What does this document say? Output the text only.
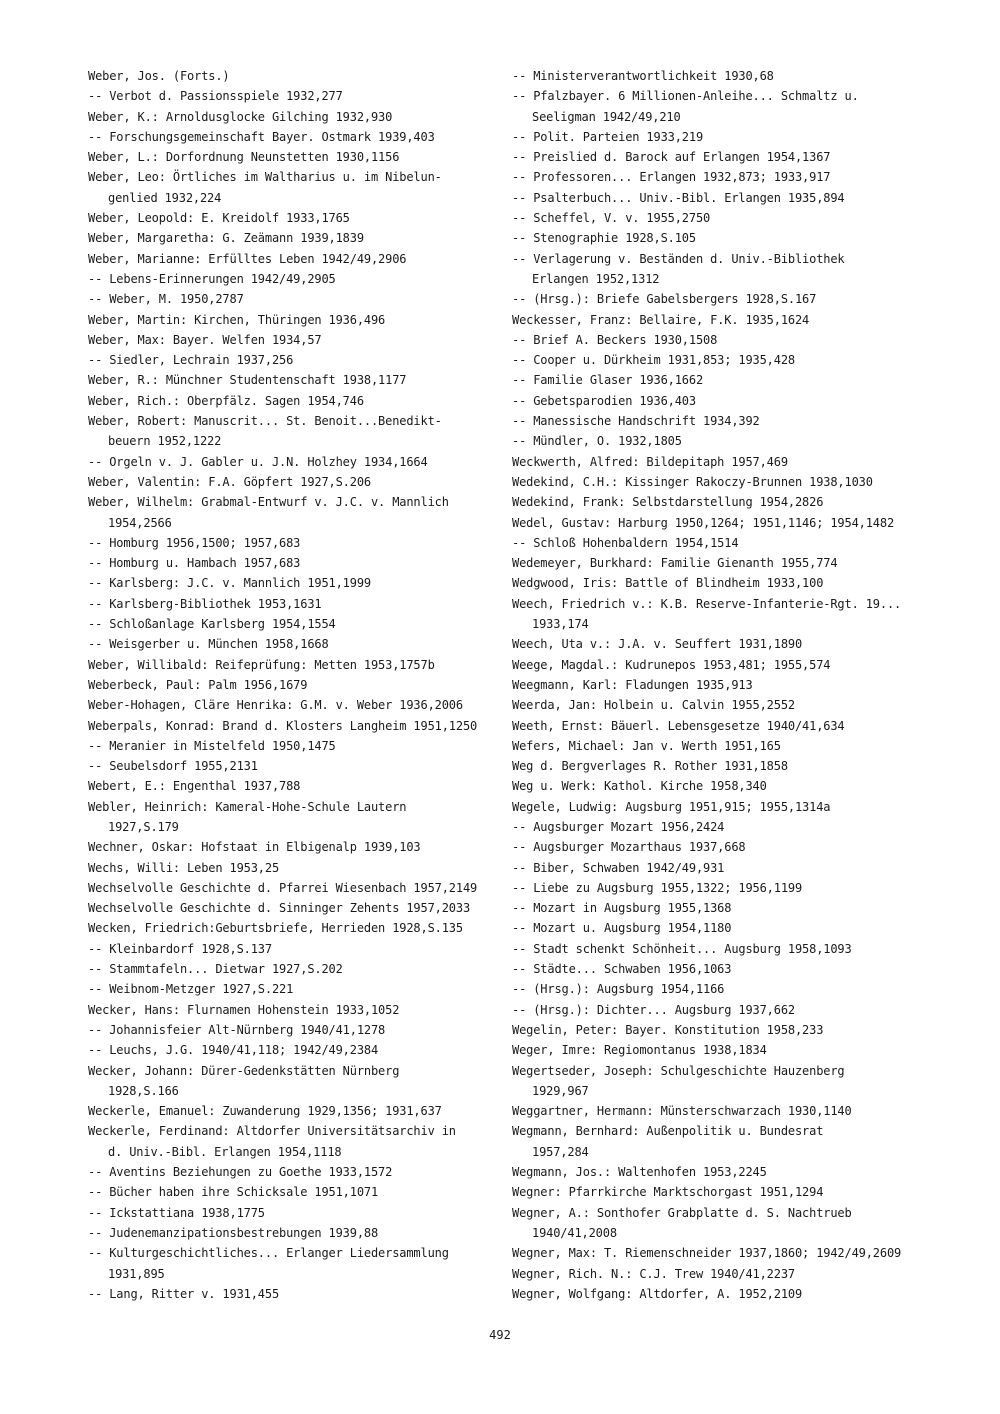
Weber, Jos. (Forts.)
-- Verbot d. Passionsspiele 1932,277
Weber, K.: Arnoldusglocke Gilching 1932,930
-- Forschungsgemeinschaft Bayer. Ostmark 1939,403
Weber, L.: Dorfordnung Neunstetten 1930,1156
Weber, Leo: Örtliches im Waltharius u. im Nibelun-
genlied 1932,224
Weber, Leopold: E. Kreidolf 1933,1765
Weber, Margaretha: G. Zeämann 1939,1839
Weber, Marianne: Erfülltes Leben 1942/49,2906
-- Lebens-Erinnerungen 1942/49,2905
-- Weber, M. 1950,2787
Weber, Martin: Kirchen, Thüringen 1936,496
Weber, Max: Bayer. Welfen 1934,57
-- Siedler, Lechrain 1937,256
Weber, R.: Münchner Studentenschaft 1938,1177
Weber, Rich.: Oberpfälz. Sagen 1954,746
Weber, Robert: Manuscrit... St. Benoit...Benedikt-
beuern 1952,1222
-- Orgeln v. J. Gabler u. J.N. Holzhey 1934,1664
Weber, Valentin: F.A. Göpfert 1927,S.206
Weber, Wilhelm: Grabmal-Entwurf v. J.C. v. Mannlich
1954,2566
-- Homburg 1956,1500; 1957,683
-- Homburg u. Hambach 1957,683
-- Karlsberg: J.C. v. Mannlich 1951,1999
-- Karlsberg-Bibliothek 1953,1631
-- Schloßanlage Karlsberg 1954,1554
-- Weisgerber u. München 1958,1668
Weber, Willibald: Reifeprüfung: Metten 1953,1757b
Weberbeck, Paul: Palm 1956,1679
Weber-Hohagen, Cläre Henrika: G.M. v. Weber 1936,2006
Weberpals, Konrad: Brand d. Klosters Langheim 1951,1250
-- Meranier in Mistelfeld 1950,1475
-- Seubelsdorf 1955,2131
Webert, E.: Engenthal 1937,788
Webler, Heinrich: Kameral-Hohe-Schule Lautern
1927,S.179
Wechner, Oskar: Hofstaat in Elbigenalp 1939,103
Wechs, Willi: Leben 1953,25
Wechselvolle Geschichte d. Pfarrei Wiesenbach 1957,2149
Wechselvolle Geschichte d. Sinninger Zehents 1957,2033
Wecken, Friedrich:Geburtsbriefe, Herrieden 1928,S.135
-- Kleinbardorf 1928,S.137
-- Stammtafeln... Dietwar 1927,S.202
-- Weibnom-Metzger 1927,S.221
Wecker, Hans: Flurnamen Hohenstein 1933,1052
-- Johannisfeier Alt-Nürnberg 1940/41,1278
-- Leuchs, J.G. 1940/41,118; 1942/49,2384
Wecker, Johann: Dürer-Gedenkstätten Nürnberg
1928,S.166
Weckerle, Emanuel: Zuwanderung 1929,1356; 1931,637
Weckerle, Ferdinand: Altdorfer Universitätsarchiv in
d. Univ.-Bibl. Erlangen 1954,1118
-- Aventins Beziehungen zu Goethe 1933,1572
-- Bücher haben ihre Schicksale 1951,1071
-- Ickstattiana 1938,1775
-- Judenemanzipationsbestrebungen 1939,88
-- Kulturgeschichtliches... Erlanger Liedersammlung
1931,895
-- Lang, Ritter v. 1931,455
-- Ministerverantwortlichkeit 1930,68
-- Pfalzbayer. 6 Millionen-Anleihe... Schmaltz u.
Seeligman 1942/49,210
-- Polit. Parteien 1933,219
-- Preislied d. Barock auf Erlangen 1954,1367
-- Professoren... Erlangen 1932,873; 1933,917
-- Psalterbuch... Univ.-Bibl. Erlangen 1935,894
-- Scheffel, V. v. 1955,2750
-- Stenographie 1928,S.105
-- Verlagerung v. Beständen d. Univ.-Bibliothek
Erlangen 1952,1312
-- (Hrsg.): Briefe Gabelsbergers 1928,S.167
Weckesser, Franz: Bellaire, F.K. 1935,1624
-- Brief A. Beckers 1930,1508
-- Cooper u. Dürkheim 1931,853; 1935,428
-- Familie Glaser 1936,1662
-- Gebetsparodien 1936,403
-- Manessische Handschrift 1934,392
-- Mündler, O. 1932,1805
Weckwerth, Alfred: Bildepitaph 1957,469
Wedekind, C.H.: Kissinger Rakoczy-Brunnen 1938,1030
Wedekind, Frank: Selbstdarstellung 1954,2826
Wedel, Gustav: Harburg 1950,1264; 1951,1146; 1954,1482
-- Schloß Hohenbaldern 1954,1514
Wedemeyer, Burkhard: Familie Gienanth 1955,774
Wedgwood, Iris: Battle of Blindheim 1933,100
Weech, Friedrich v.: K.B. Reserve-Infanterie-Rgt. 19...
1933,174
Weech, Uta v.: J.A. v. Seuffert 1931,1890
Weege, Magdal.: Kudrunepos 1953,481; 1955,574
Weegmann, Karl: Fladungen 1935,913
Weerda, Jan: Holbein u. Calvin 1955,2552
Weeth, Ernst: Bäuerl. Lebensgesetze 1940/41,634
Wefers, Michael: Jan v. Werth 1951,165
Weg d. Bergverlages R. Rother 1931,1858
Weg u. Werk: Kathol. Kirche 1958,340
Wegele, Ludwig: Augsburg 1951,915; 1955,1314a
-- Augsburger Mozart 1956,2424
-- Augsburger Mozarthaus 1937,668
-- Biber, Schwaben 1942/49,931
-- Liebe zu Augsburg 1955,1322; 1956,1199
-- Mozart in Augsburg 1955,1368
-- Mozart u. Augsburg 1954,1180
-- Stadt schenkt Schönheit... Augsburg 1958,1093
-- Städte... Schwaben 1956,1063
-- (Hrsg.): Augsburg 1954,1166
-- (Hrsg.): Dichter... Augsburg 1937,662
Wegelin, Peter: Bayer. Konstitution 1958,233
Weger, Imre: Regiomontanus 1938,1834
Wegertseder, Joseph: Schulgeschichte Hauzenberg
1929,967
Weggartner, Hermann: Münsterschwarzach 1930,1140
Wegmann, Bernhard: Außenpolitik u. Bundesrat
1957,284
Wegmann, Jos.: Waltenhofen 1953,2245
Wegner: Pfarrkirche Marktschorgast 1951,1294
Wegner, A.: Sonthofer Grabplatte d. S. Nachtrueb
1940/41,2008
Wegner, Max: T. Riemenschneider 1937,1860; 1942/49,2609
Wegner, Rich. N.: C.J. Trew 1940/41,2237
Wegner, Wolfgang: Altdorfer, A. 1952,2109
492
